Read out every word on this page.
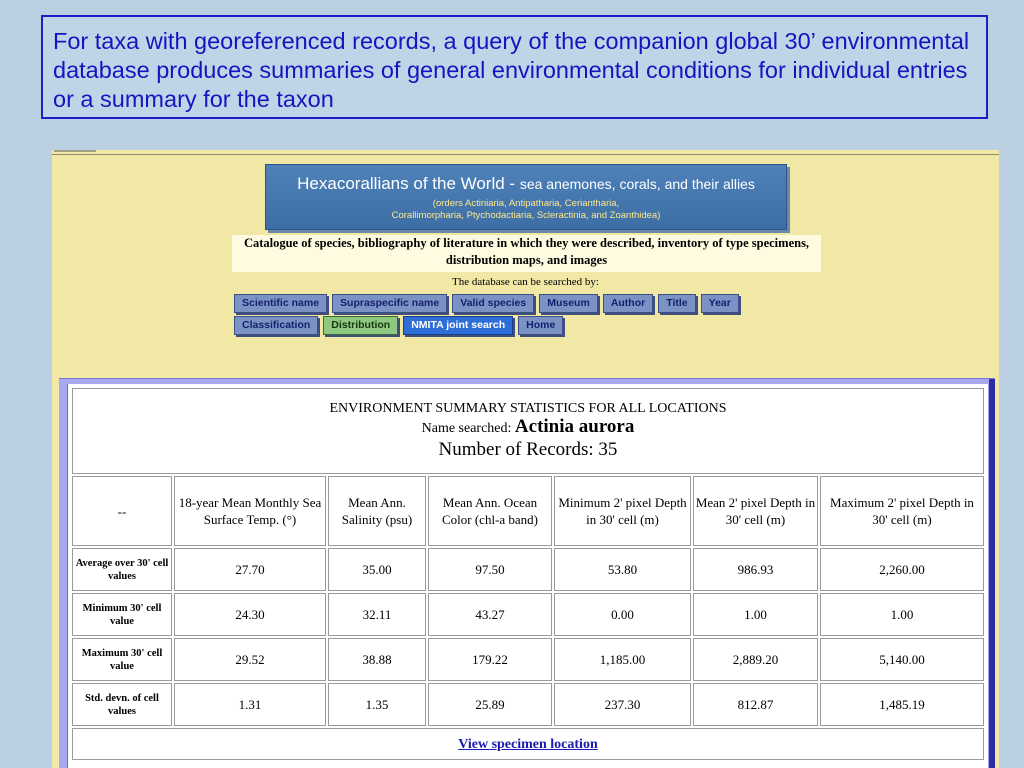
For taxa with georeferenced records, a query of the companion global 30’ environmental database produces summaries of general environmental conditions for individual entries or a summary for the taxon

Hexacorallians of the World - sea anemones, corals, and their allies
(orders Actiniaria, Antipatharia, Ceriantharia,
Corallimorpharia, Ptychodactiaria, Scleractinia, and Zoanthidea)
Catalogue of species, bibliography of literature in which they were described, inventory of type specimens, distribution maps, and images
The database can be searched by:
Scientific name	Supraspecific name	Valid species	Museum	Author	Title	Year
Classification	Distribution	NMITA joint search	Home
ENVIRONMENT SUMMARY STATISTICS FOR ALL LOCATIONS
Name searched: Actinia aurora
Number of Records: 35						

--	18-year Mean Monthly Sea Surface Temp. (°)	Mean Ann. Salinity (psu)	Mean Ann. Ocean Color (chl-a band)	Minimum 2' pixel Depth in 30' cell (m)	Mean 2' pixel Depth in 30' cell (m)	Maximum 2' pixel Depth in 30' cell (m)
Average over 30' cell values	27.70	35.00	97.50	53.80	986.93	2,260.00
Minimum 30' cell value	24.30	32.11	43.27	0.00	1.00	1.00
Maximum 30' cell value	29.52	38.88	179.22	1,185.00	2,889.20	5,140.00
Std. devn. of cell values	1.31	1.35	25.89	237.30	812.87	1,485.19
View specimen location						
